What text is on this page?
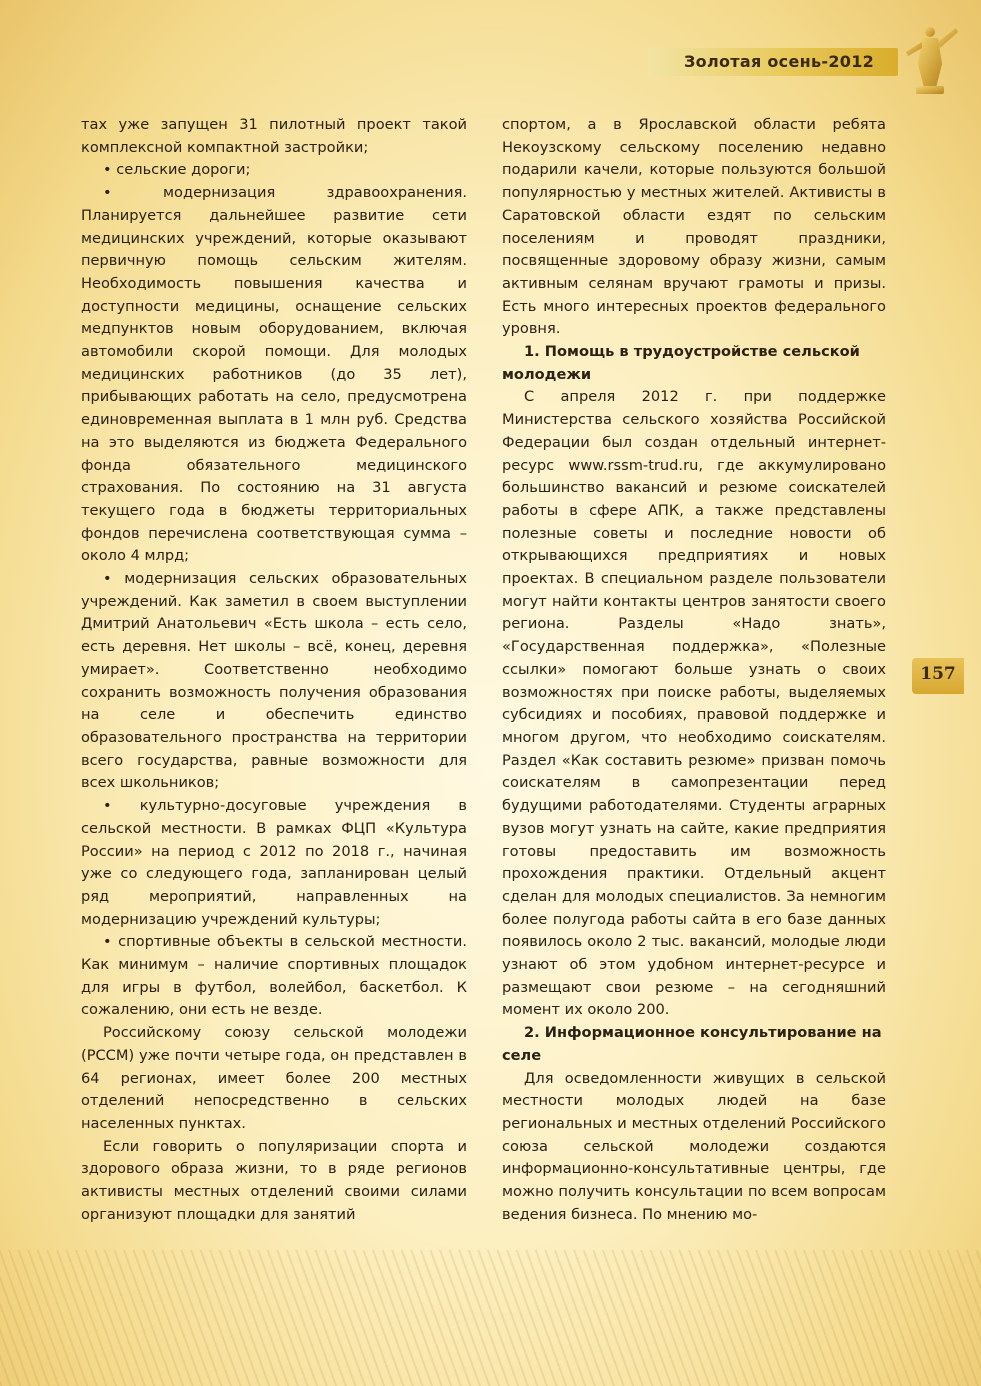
Золотая осень-2012

тах уже запущен 31 пилотный проект такой комплексной компактной застройки;

• сельские дороги;

• модернизация здравоохранения. Планируется дальнейшее развитие сети медицинских учреждений, которые оказывают первичную помощь сельским жителям. Необходимость повышения качества и доступности медицины, оснащение сельских медпунктов новым оборудованием, включая автомобили скорой помощи. Для молодых медицинских работников (до 35 лет), прибывающих работать на село, предусмотрена единовременная выплата в 1 млн руб. Средства на это выделяются из бюджета Федерального фонда обязательного медицинского страхования. По состоянию на 31 августа текущего года в бюджеты территориальных фондов перечислена соответствующая сумма – около 4 млрд;

• модернизация сельских образовательных учреждений. Как заметил в своем выступлении Дмитрий Анатольевич «Есть школа – есть село, есть деревня. Нет школы – всё, конец, деревня умирает». Соответственно необходимо сохранить возможность получения образования на селе и обеспечить единство образовательного пространства на территории всего государства, равные возможности для всех школьников;

• культурно-досуговые учреждения в сельской местности. В рамках ФЦП «Культура России» на период с 2012 по 2018 г., начиная уже со следующего года, запланирован целый ряд мероприятий, направленных на модернизацию учреждений культуры;

• спортивные объекты в сельской местности. Как минимум – наличие спортивных площадок для игры в футбол, волейбол, баскетбол. К сожалению, они есть не везде.

Российскому союзу сельской молодежи (РССМ) уже почти четыре года, он представлен в 64 регионах, имеет более 200 местных отделений непосредственно в сельских населенных пунктах.

Если говорить о популяризации спорта и здорового образа жизни, то в ряде регионов активисты местных отделений своими силами организуют площадки для занятий

спортом, а в Ярославской области ребята Некоузскому сельскому поселению недавно подарили качели, которые пользуются большой популярностью у местных жителей. Активисты в Саратовской области ездят по сельским поселениям и проводят праздники, посвященные здоровому образу жизни, самым активным селянам вручают грамоты и призы. Есть много интересных проектов федерального уровня.

1. Помощь в трудоустройстве сельской молодежи

С апреля 2012 г. при поддержке Министерства сельского хозяйства Российской Федерации был создан отдельный интернет-ресурс www.rssm-trud.ru, где аккумулировано большинство вакансий и резюме соискателей работы в сфере АПК, а также представлены полезные советы и последние новости об открывающихся предприятиях и новых проектах. В специальном разделе пользователи могут найти контакты центров занятости своего региона. Разделы «Надо знать», «Государственная поддержка», «Полезные ссылки» помогают больше узнать о своих возможностях при поиске работы, выделяемых субсидиях и пособиях, правовой поддержке и многом другом, что необходимо соискателям. Раздел «Как составить резюме» призван помочь соискателям в самопрезентации перед будущими работодателями. Студенты аграрных вузов могут узнать на сайте, какие предприятия готовы предоставить им возможность прохождения практики. Отдельный акцент сделан для молодых специалистов. За немногим более полугода работы сайта в его базе данных появилось около 2 тыс. вакансий, молодые люди узнают об этом удобном интернет-ресурсе и размещают свои резюме – на сегодняшний момент их около 200.

2. Информационное консультирование на селе

Для осведомленности живущих в сельской местности молодых людей на базе региональных и местных отделений Российского союза сельской молодежи создаются информационно-консультативные центры, где можно получить консультации по всем вопросам ведения бизнеса. По мнению мо-

157
